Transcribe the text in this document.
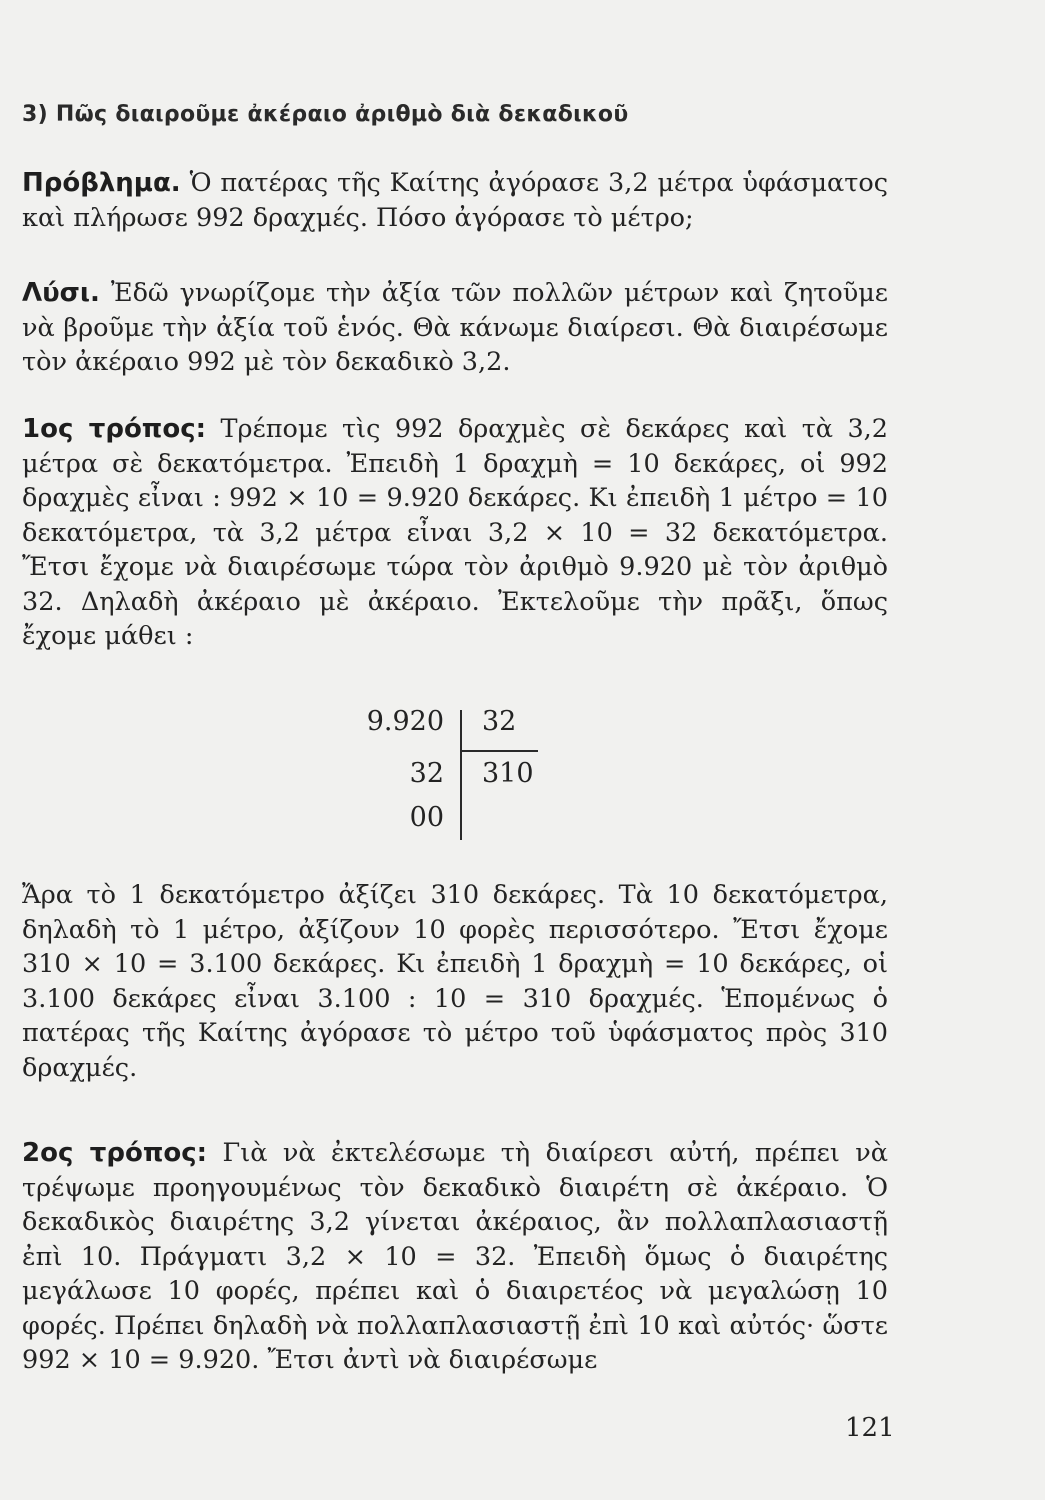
3) Πῶς διαιροῦμε ἀκέραιο ἀριθμὸ διὰ δεκαδικοῦ
Πρόβλημα. Ὁ πατέρας τῆς Καίτης ἀγόρασε 3,2 μέτρα ὑφάσματος καὶ πλήρωσε 992 δραχμές. Πόσο ἀγόρασε τὸ μέτρο;
Λύσι. Ἐδῶ γνωρίζομε τὴν ἀξία τῶν πολλῶν μέτρων καὶ ζητοῦμε νὰ βροῦμε τὴν ἀξία τοῦ ἑνός. Θὰ κάνωμε διαίρεσι. Θὰ διαιρέσωμε τὸν ἀκέραιο 992 μὲ τὸν δεκαδικὸ 3,2.
1ος τρόπος: Τρέπομε τὶς 992 δραχμὲς σὲ δεκάρες καὶ τὰ 3,2 μέτρα σὲ δεκατόμετρα. Ἐπειδὴ 1 δραχμὴ = 10 δεκάρες, οἱ 992 δραχμὲς εἶναι : 992 × 10 = 9.920 δεκάρες. Κι ἐπειδὴ 1 μέτρο = 10 δεκατόμετρα, τὰ 3,2 μέτρα εἶναι 3,2 × 10 = 32 δεκατόμετρα. Ἔτσι ἔχομε νὰ διαιρέσωμε τώρα τὸν ἀριθμὸ 9.920 μὲ τὸν ἀριθμὸ 32. Δηλαδὴ ἀκέραιο μὲ ἀκέραιο. Ἐκτελοῦμε τὴν πρᾶξι, ὅπως ἔχομε μάθει :
9.920
32
00
32
310
Ἄρα τὸ 1 δεκατόμετρο ἀξίζει 310 δεκάρες. Τὰ 10 δεκατόμετρα, δηλαδὴ τὸ 1 μέτρο, ἀξίζουν 10 φορὲς περισσότερο. Ἔτσι ἔχομε 310 × 10 = 3.100 δεκάρες. Κι ἐπειδὴ 1 δραχμὴ = 10 δεκάρες, οἱ 3.100 δεκάρες εἶναι 3.100 : 10 = 310 δραχμές. Ἑπομένως ὁ πατέρας τῆς Καίτης ἀγόρασε τὸ μέτρο τοῦ ὑφάσματος πρὸς 310 δραχμές.
2ος τρόπος: Γιὰ νὰ ἐκτελέσωμε τὴ διαίρεσι αὐτή, πρέπει νὰ τρέψωμε προηγουμένως τὸν δεκαδικὸ διαιρέτη σὲ ἀκέραιο. Ὁ δεκαδικὸς διαιρέτης 3,2 γίνεται ἀκέραιος, ἂν πολλαπλασιαστῇ ἐπὶ 10. Πράγματι 3,2 × 10 = 32. Ἐπειδὴ ὅμως ὁ διαιρέτης μεγάλωσε 10 φορές, πρέπει καὶ ὁ διαιρετέος νὰ μεγαλώσῃ 10 φορές. Πρέπει δηλαδὴ νὰ πολλαπλασιαστῇ ἐπὶ 10 καὶ αὐτός· ὥστε 992 × 10 = 9.920. Ἔτσι ἀντὶ νὰ διαιρέσωμε
121
